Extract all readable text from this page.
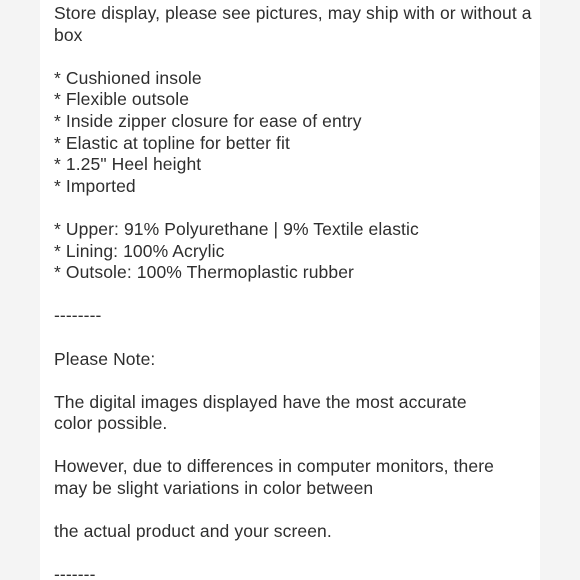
Store display, please see pictures, may ship with or without a box
* Cushioned insole
* Flexible outsole
* Inside zipper closure for ease of entry
* Elastic at topline for better fit
* 1.25" Heel height
* Imported
* Upper: 91% Polyurethane | 9% Textile elastic
* Lining: 100% Acrylic
* Outsole: 100% Thermoplastic rubber
--------
Please Note:
The digital images displayed have the most accurate color possible.
However, due to differences in computer monitors, there may be slight variations in color between
the actual product and your screen.
-------
